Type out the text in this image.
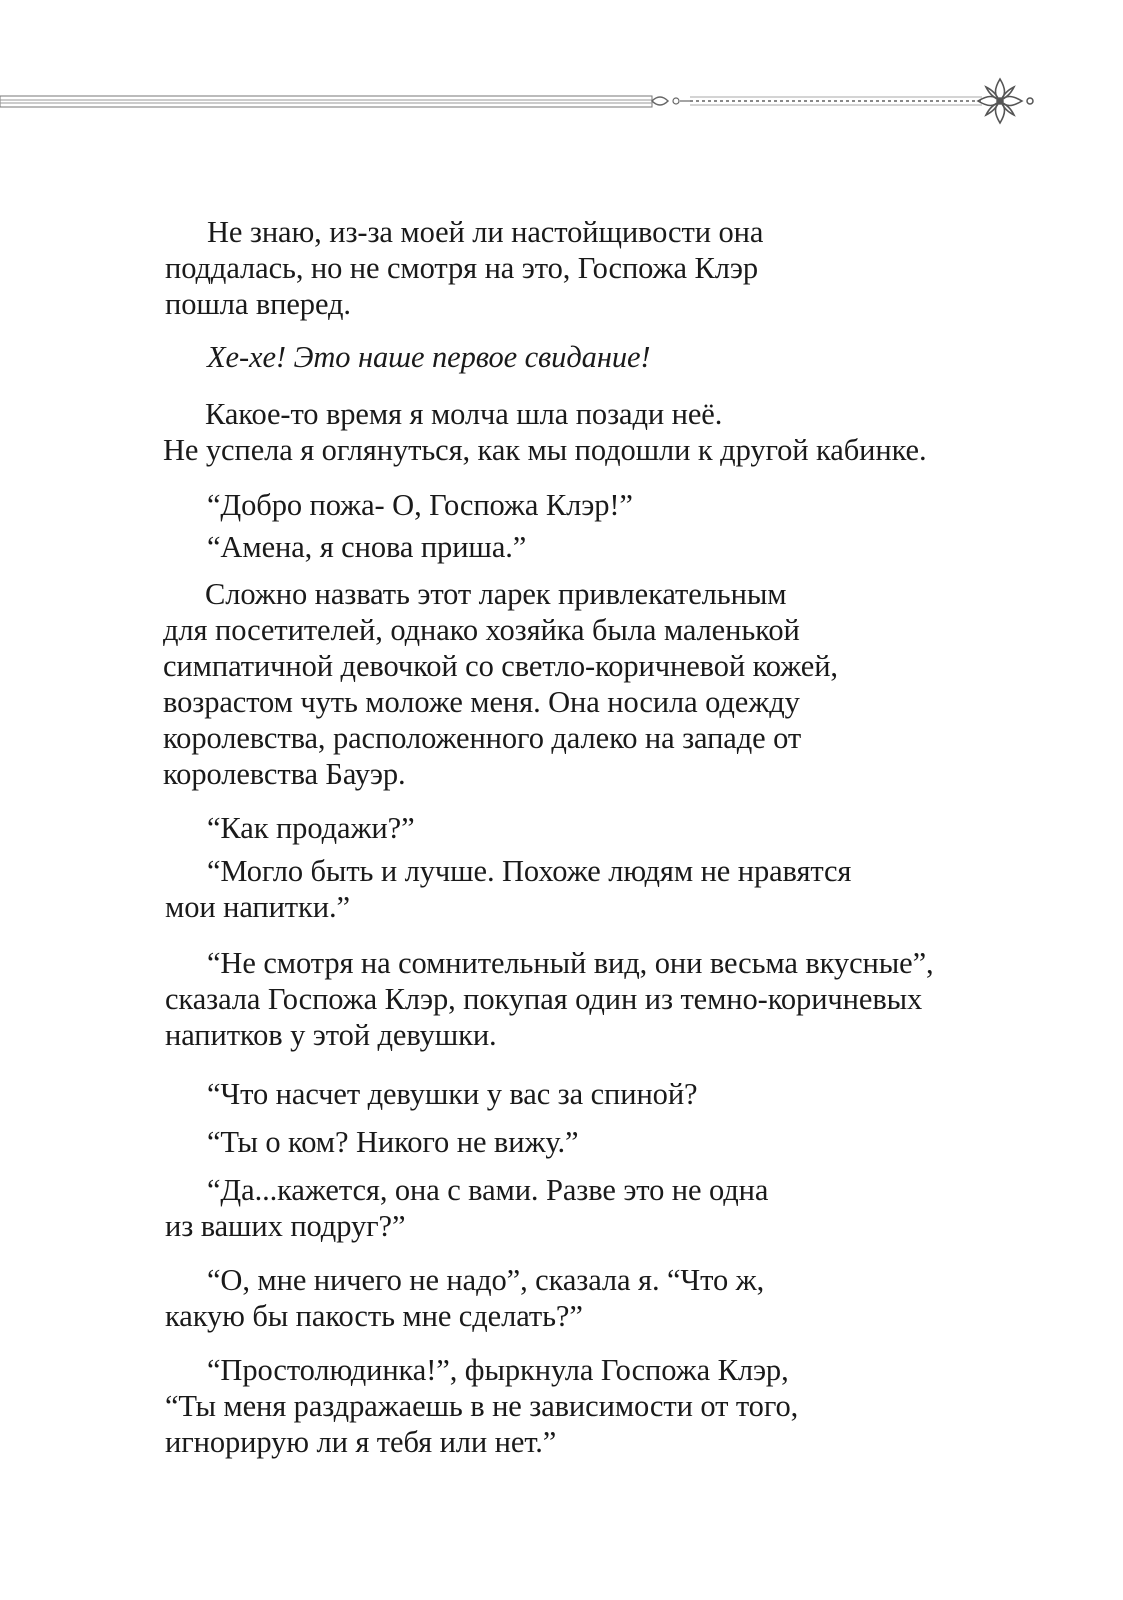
Не знаю, из-за моей ли настойщивости она
поддалась, но не смотря на это, Госпожа Клэр
пошла вперед.
Хе-хе! Это наше первое свидание!
Какое-то время я молча шла позади неё.
Не успела я оглянуться, как мы подошли к другой кабинке.
“Добро пожа- О, Госпожа Клэр!”
“Амена, я снова приша.”
Сложно назвать этот ларек привлекательным
для посетителей, однако хозяйка была маленькой
симпатичной девочкой со светло-коричневой кожей,
возрастом чуть моложе меня. Она носила одежду
королевства, расположенного далеко на западе от
королевства Бауэр.
“Как продажи?”
“Могло быть и лучше. Похоже людям не нравятся
мои напитки.”
“Не смотря на сомнительный вид, они весьма вкусные”,
сказала Госпожа Клэр, покупая один из темно-коричневых
напитков у этой девушки.
“Что насчет девушки у вас за спиной?
“Ты о ком? Никого не вижу.”
“Да...кажется, она с вами. Разве это не одна
из ваших подруг?”
“О, мне ничего не надо”, сказала я. “Что ж,
какую бы пакость мне сделать?”
“Простолюдинка!”, фыркнула Госпожа Клэр,
“Ты меня раздражаешь в не зависимости от того,
игнорирую ли я тебя или нет.”
